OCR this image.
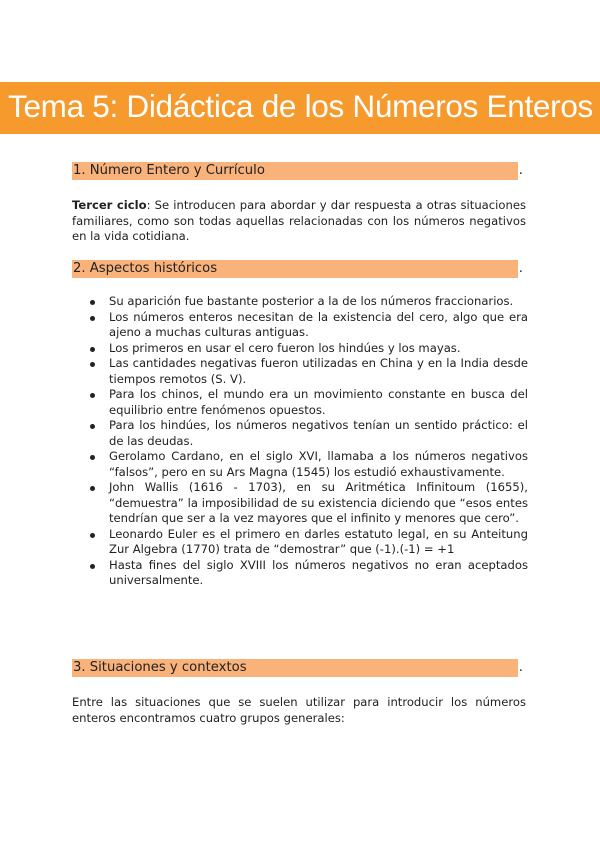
Tema 5: Didáctica de los Números Enteros
1. Número Entero y Currículo	.

Tercer ciclo: Se introducen para abordar y dar respuesta a otras situaciones familiares, como son todas aquellas relacionadas con los números negativos en la vida cotidiana.

2. Aspectos históricos	.
Su aparición fue bastante posterior a la de los números fraccionarios.
Los números enteros necesitan de la existencia del cero, algo que era ajeno a muchas culturas antiguas.
Los primeros en usar el cero fueron los hindúes y los mayas.
Las cantidades negativas fueron utilizadas en China y en la India desde tiempos remotos (S. V).
Para los chinos, el mundo era un movimiento constante en busca del equilibrio entre fenómenos opuestos.
Para los hindúes, los números negativos tenían un sentido práctico: el de las deudas.
Gerolamo Cardano, en el siglo XVI, llamaba a los números negativos “falsos”, pero en su Ars Magna (1545) los estudió exhaustivamente.
John Wallis (1616 - 1703), en su Aritmética Infinitoum (1655), “demuestra” la imposibilidad de su existencia diciendo que “esos entes tendrían que ser a la vez mayores que el infinito y menores que cero”.
Leonardo Euler es el primero en darles estatuto legal, en su Anteitung Zur Algebra (1770) trata de “demostrar” que (-1).(-1) = +1
Hasta fines del siglo XVIII los números negativos no eran aceptados universalmente.
3. Situaciones y contextos	.

Entre las situaciones que se suelen utilizar para introducir los números enteros encontramos cuatro grupos generales:
